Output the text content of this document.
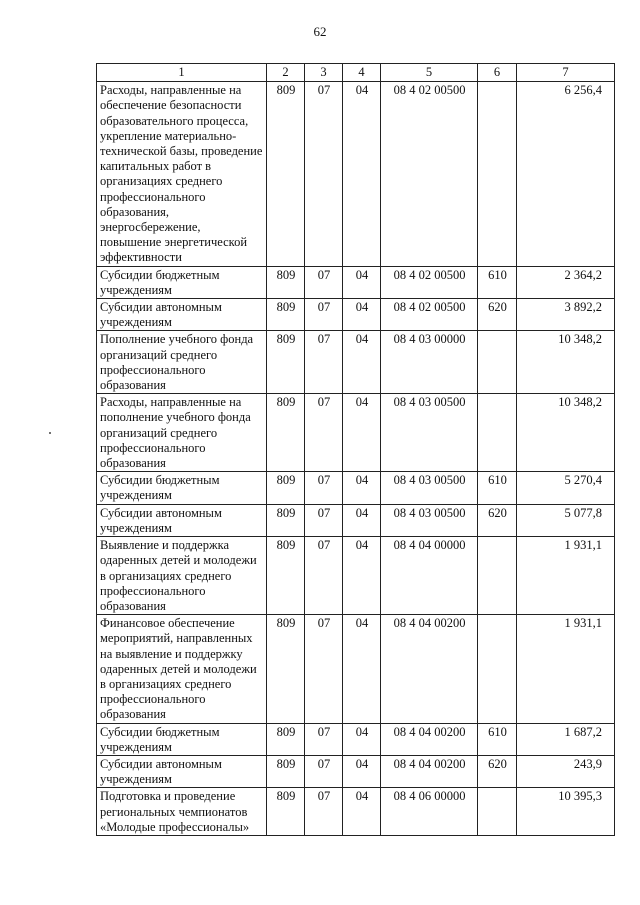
62
1	2	3	4	5	6	7
Расходы, направленные на обеспечение безопасности образовательного процесса, укрепление материально-технической базы, проведение капитальных работ в организациях среднего профессионального образования, энергосбережение, повышение энергетической эффективности	809	07	04	08 4 02 00500		6 256,4
Субсидии бюджетным учреждениям	809	07	04	08 4 02 00500	610	2 364,2
Субсидии автономным учреждениям	809	07	04	08 4 02 00500	620	3 892,2
Пополнение учебного фонда организаций среднего профессионального образования	809	07	04	08 4 03 00000		10 348,2
Расходы, направленные на пополнение учебного фонда организаций среднего профессионального образования	809	07	04	08 4 03 00500		10 348,2
Субсидии бюджетным учреждениям	809	07	04	08 4 03 00500	610	5 270,4
Субсидии автономным учреждениям	809	07	04	08 4 03 00500	620	5 077,8
Выявление и поддержка одаренных детей и молодежи в организациях среднего профессионального образования	809	07	04	08 4 04 00000		1 931,1
Финансовое обеспечение мероприятий, направленных на выявление и поддержку одаренных детей и молодежи в организациях среднего профессионального образования	809	07	04	08 4 04 00200		1 931,1
Субсидии бюджетным учреждениям	809	07	04	08 4 04 00200	610	1 687,2
Субсидии автономным учреждениям	809	07	04	08 4 04 00200	620	243,9
Подготовка и проведение региональных чемпионатов «Молодые профессионалы»	809	07	04	08 4 06 00000		10 395,3
